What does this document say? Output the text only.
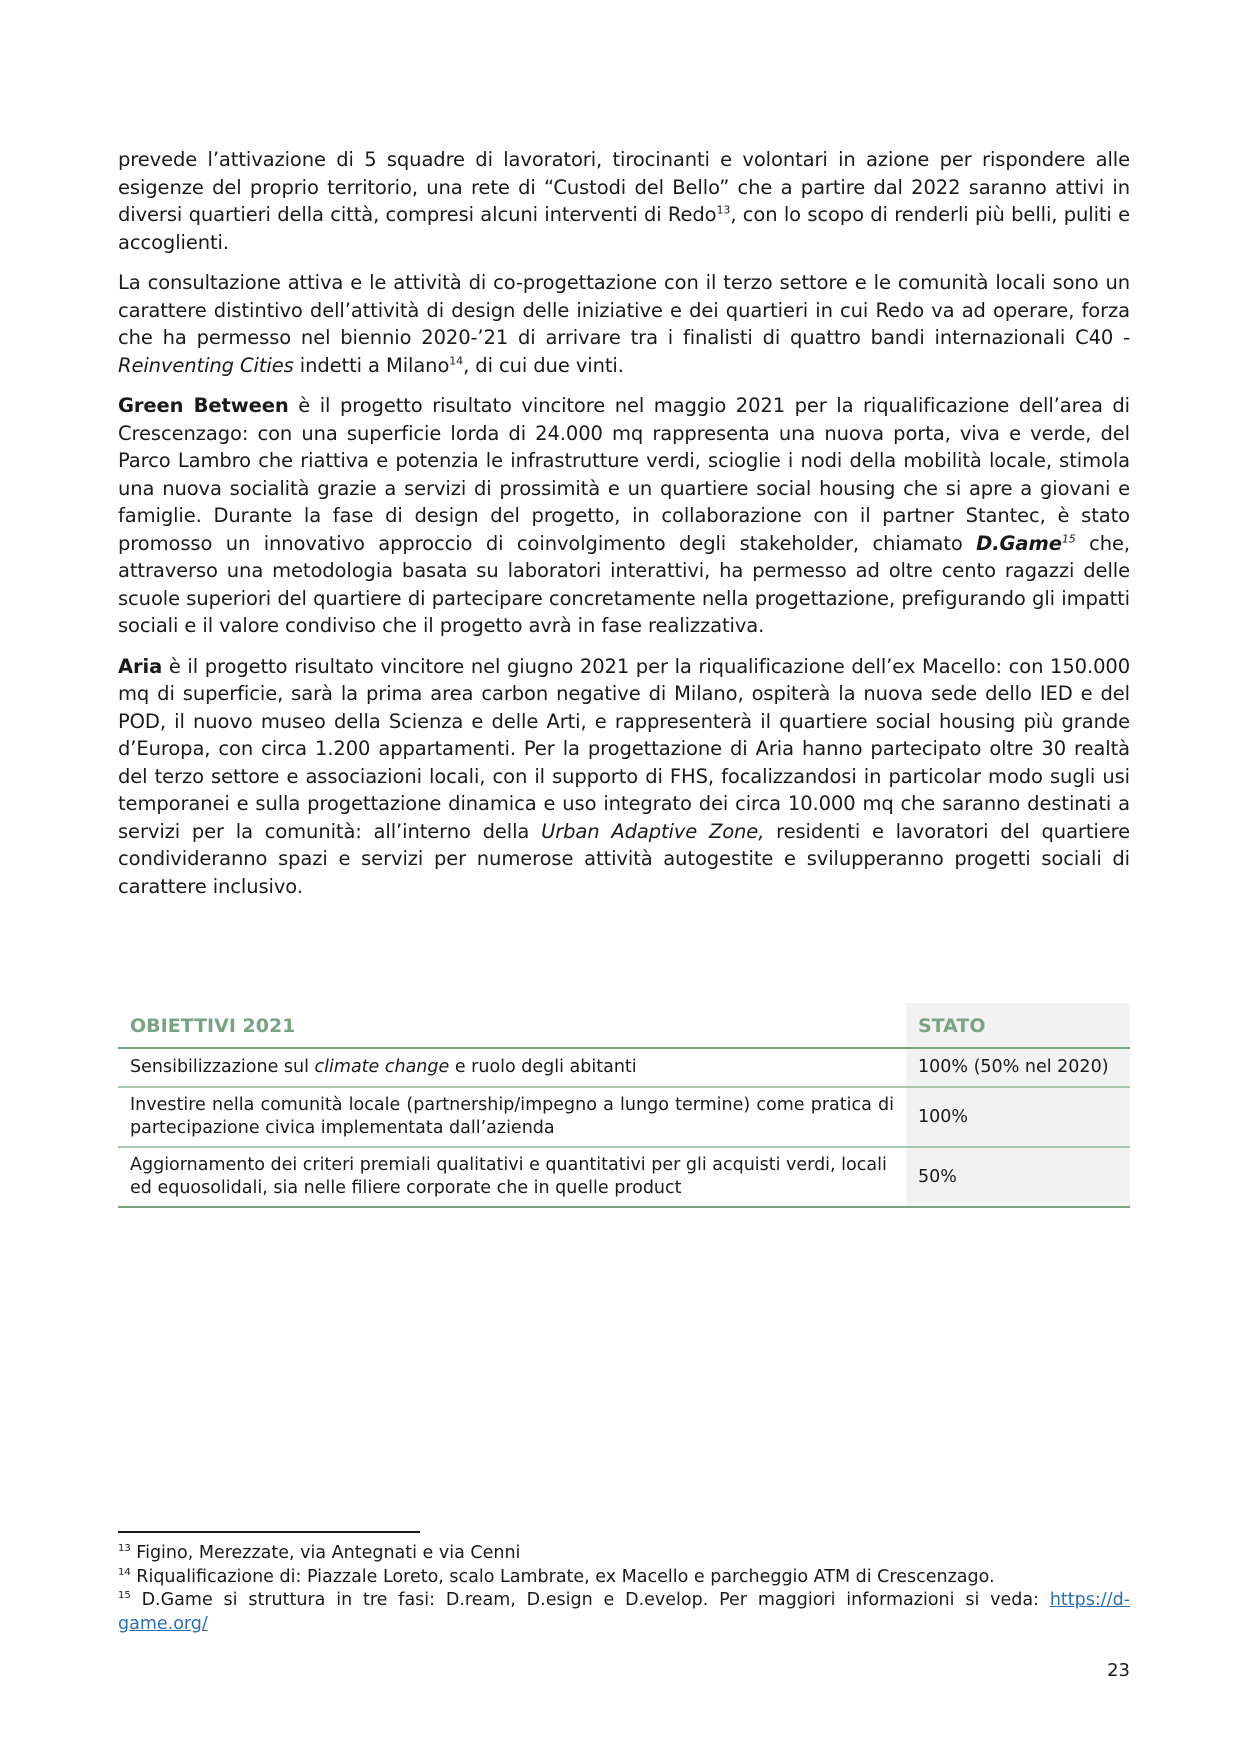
prevede l’attivazione di 5 squadre di lavoratori, tirocinanti e volontari in azione per rispondere alle esigenze del proprio territorio, una rete di “Custodi del Bello” che a partire dal 2022 saranno attivi in diversi quartieri della città, compresi alcuni interventi di Redo$^{13}$, con lo scopo di renderli più belli, puliti e accoglienti.

La consultazione attiva e le attività di co-progettazione con il terzo settore e le comunità locali sono un carattere distintivo dell’attività di design delle iniziative e dei quartieri in cui Redo va ad operare, forza che ha permesso nel biennio 2020-’21 di arrivare tra i finalisti di quattro bandi internazionali C40 - Reinventing Cities indetti a Milano$^{14}$, di cui due vinti.

Green Between è il progetto risultato vincitore nel maggio 2021 per la riqualificazione dell’area di Crescenzago: con una superficie lorda di 24.000 mq rappresenta una nuova porta, viva e verde, del Parco Lambro che riattiva e potenzia le infrastrutture verdi, scioglie i nodi della mobilità locale, stimola una nuova socialità grazie a servizi di prossimità e un quartiere social housing che si apre a giovani e famiglie. Durante la fase di design del progetto, in collaborazione con il partner Stantec, è stato promosso un innovativo approccio di coinvolgimento degli stakeholder, chiamato D.Game$^{15}$ che, attraverso una metodologia basata su laboratori interattivi, ha permesso ad oltre cento ragazzi delle scuole superiori del quartiere di partecipare concretamente nella progettazione, prefigurando gli impatti sociali e il valore condiviso che il progetto avrà in fase realizzativa.

Aria è il progetto risultato vincitore nel giugno 2021 per la riqualificazione dell’ex Macello: con 150.000 mq di superficie, sarà la prima area carbon negative di Milano, ospiterà la nuova sede dello IED e del POD, il nuovo museo della Scienza e delle Arti, e rappresenterà il quartiere social housing più grande d’Europa, con circa 1.200 appartamenti. Per la progettazione di Aria hanno partecipato oltre 30 realtà del terzo settore e associazioni locali, con il supporto di FHS, focalizzandosi in particolar modo sugli usi temporanei e sulla progettazione dinamica e uso integrato dei circa 10.000 mq che saranno destinati a servizi per la comunità: all’interno della Urban Adaptive Zone, residenti e lavoratori del quartiere condivideranno spazi e servizi per numerose attività autogestite e svilupperanno progetti sociali di carattere inclusivo.

OBIETTIVI 2021	STATO
Sensibilizzazione sul climate change e ruolo degli abitanti	100% (50% nel 2020)
Investire nella comunità locale (partnership/impegno a lungo termine) come pratica di partecipazione civica implementata dall’azienda	100%
Aggiornamento dei criteri premiali qualitativi e quantitativi per gli acquisti verdi, locali ed equosolidali, sia nelle filiere corporate che in quelle product	50%

$^{13}$ Figino, Merezzate, via Antegnati e via Cenni

$^{14}$ Riqualificazione di: Piazzale Loreto, scalo Lambrate, ex Macello e parcheggio ATM di Crescenzago.

$^{15}$ D.Game si struttura in tre fasi: D.ream, D.esign e D.evelop. Per maggiori informazioni si veda: https://d-game.org/

23
